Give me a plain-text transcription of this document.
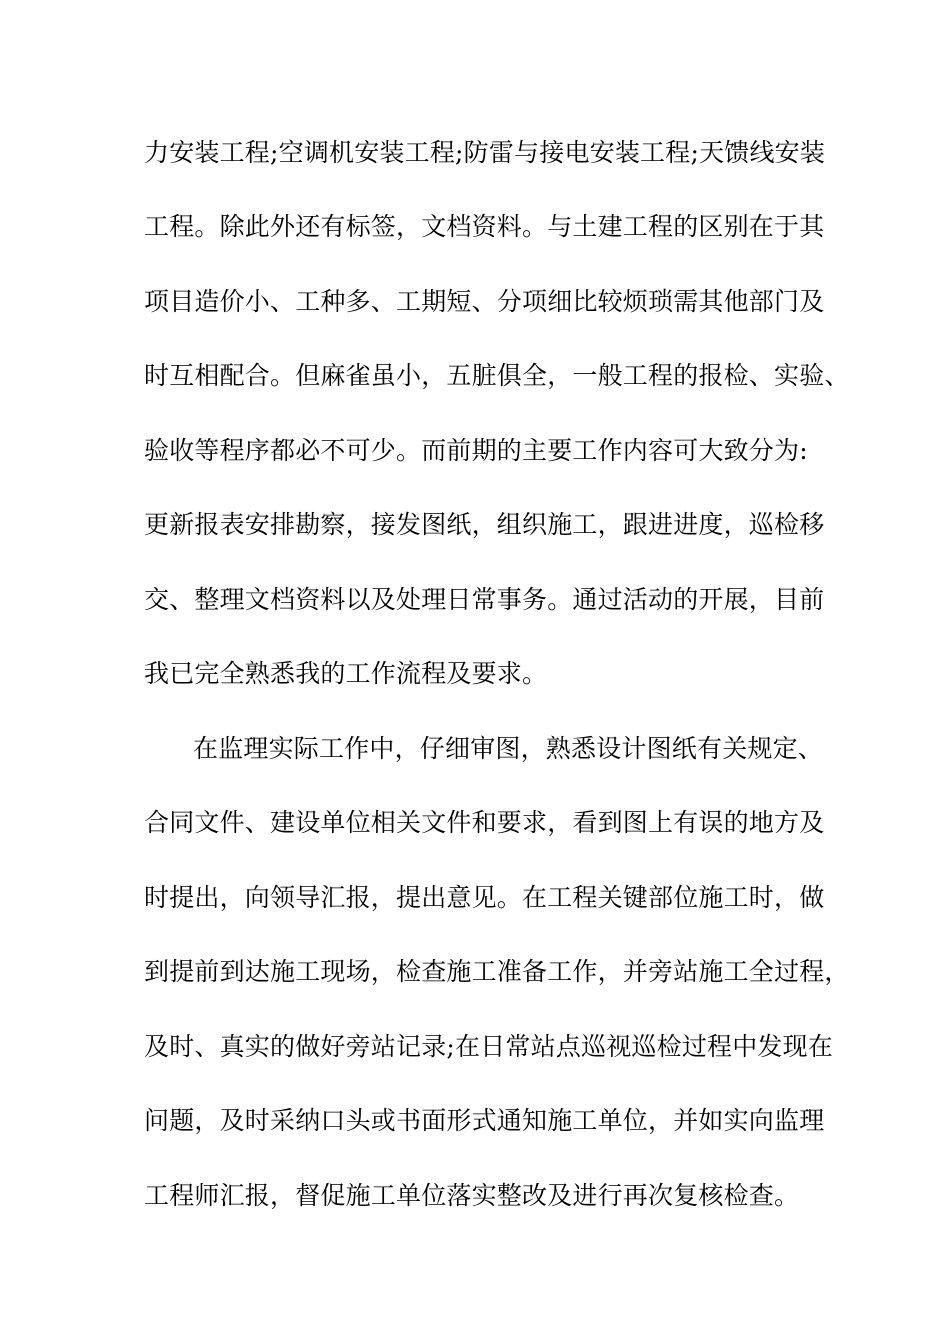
力安装工程;空调机安装工程;防雷与接电安装工程;天馈线安装
工程。除此外还有标签，文档资料。与土建工程的区别在于其
项目造价小、工种多、工期短、分项细比较烦琐需其他部门及
时互相配合。但麻雀虽小，五脏俱全，一般工程的报检、实验、
验收等程序都必不可少。而前期的主要工作内容可大致分为:
更新报表安排勘察，接发图纸，组织施工，跟进进度，巡检移
交、整理文档资料以及处理日常事务。通过活动的开展，目前
我已完全熟悉我的工作流程及要求。
在监理实际工作中，仔细审图，熟悉设计图纸有关规定、
合同文件、建设单位相关文件和要求，看到图上有误的地方及
时提出，向领导汇报，提出意见。在工程关键部位施工时，做
到提前到达施工现场，检查施工准备工作，并旁站施工全过程，
及时、真实的做好旁站记录;在日常站点巡视巡检过程中发现在
问题，及时采纳口头或书面形式通知施工单位，并如实向监理
工程师汇报，督促施工单位落实整改及进行再次复核检查。
